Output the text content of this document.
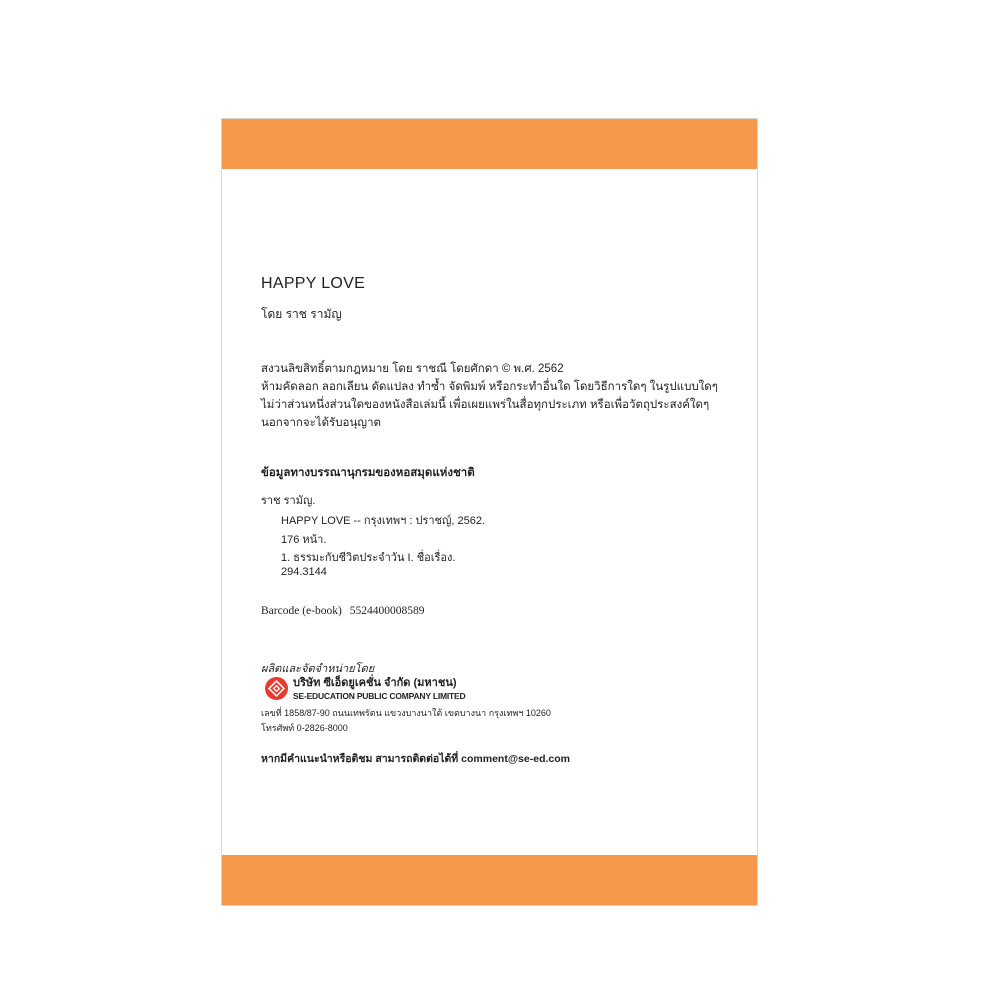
HAPPY LOVE
โดย ราช รามัญ
สงวนลิขสิทธิ์ตามกฎหมาย โดย ราชณี โดยศักดา © พ.ศ. 2562
ห้ามคัดลอก ลอกเลียน ดัดแปลง ทำซ้ำ จัดพิมพ์ หรือกระทำอื่นใด โดยวิธีการใดๆ ในรูปแบบใดๆ
ไม่ว่าส่วนหนึ่งส่วนใดของหนังสือเล่มนี้ เพื่อเผยแพร่ในสื่อทุกประเภท หรือเพื่อวัตถุประสงค์ใดๆ
นอกจากจะได้รับอนุญาต
ข้อมูลทางบรรณานุกรมของหอสมุดแห่งชาติ
ราช รามัญ.
HAPPY LOVE -- กรุงเทพฯ : ปราชญ์, 2562.
176 หน้า.
1. ธรรมะกับชีวิตประจำวัน I. ชื่อเรื่อง.
294.3144
Barcode (e-book) 5524400008589
ผลิตและจัดจำหน่ายโดย
บริษัท ซีเอ็ดยูเคชั่น จำกัด (มหาชน)
SE-EDUCATION PUBLIC COMPANY LIMITED
เลขที่ 1858/87-90 ถนนเทพรัตน แขวงบางนาใต้ เขตบางนา กรุงเทพฯ 10260
โทรศัพท์ 0-2826-8000
หากมีคำแนะนำหรือติชม สามารถติดต่อได้ที่ comment@se-ed.com
